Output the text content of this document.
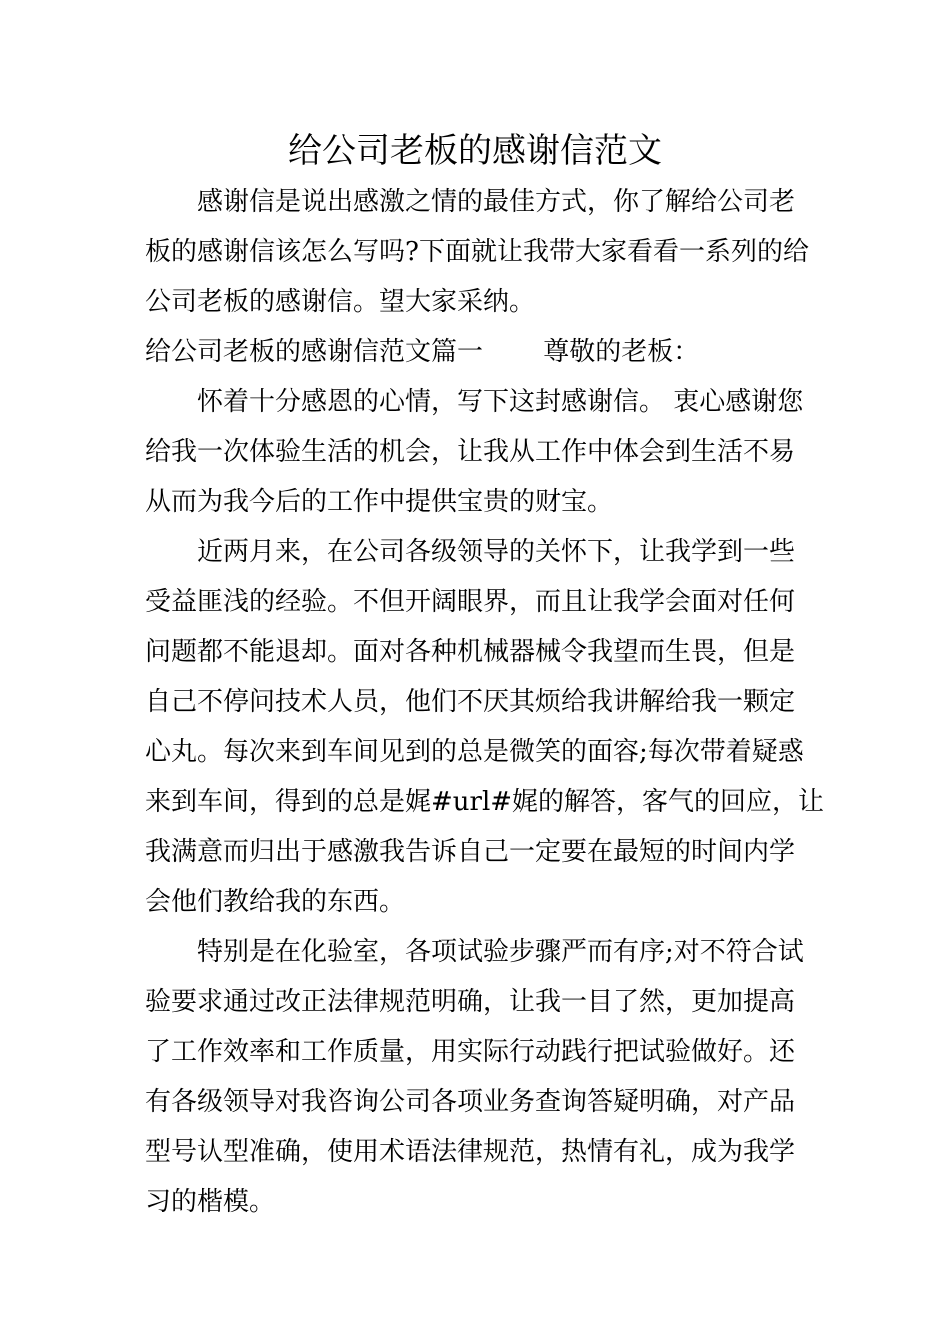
给公司老板的感谢信范文

　　感谢信是说出感激之情的最佳方式，你了解给公司老

板的感谢信该怎么写吗?下面就让我带大家看看一系列的给

公司老板的感谢信。望大家采纳。

给公司老板的感谢信范文篇一　　 尊敬的老板：

　　怀着十分感恩的心情，写下这封感谢信。 衷心感谢您

给我一次体验生活的机会，让我从工作中体会到生活不易

从而为我今后的工作中提供宝贵的财宝。

　　近两月来，在公司各级领导的关怀下，让我学到一些

受益匪浅的经验。不但开阔眼界，而且让我学会面对任何

问题都不能退却。面对各种机械器械令我望而生畏，但是

自己不停问技术人员，他们不厌其烦给我讲解给我一颗定

心丸。每次来到车间见到的总是微笑的面容;每次带着疑惑

来到车间，得到的总是娓#url#娓的解答，客气的回应，让

我满意而归出于感激我告诉自己一定要在最短的时间内学

会他们教给我的东西。

　　特别是在化验室，各项试验步骤严而有序;对不符合试

验要求通过改正法律规范明确，让我一目了然，更加提高

了工作效率和工作质量，用实际行动践行把试验做好。还

有各级领导对我咨询公司各项业务查询答疑明确，对产品

型号认型准确，使用术语法律规范，热情有礼，成为我学

习的楷模。
